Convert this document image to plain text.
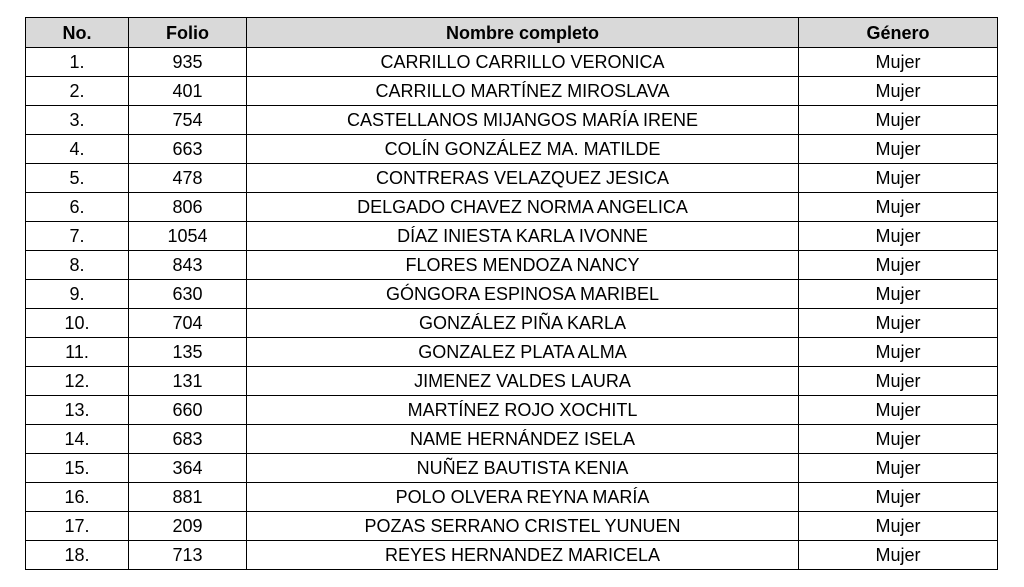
No.	Folio	Nombre completo	Género
1.	935	CARRILLO CARRILLO VERONICA	Mujer
2.	401	CARRILLO MARTÍNEZ MIROSLAVA	Mujer
3.	754	CASTELLANOS MIJANGOS MARÍA IRENE	Mujer
4.	663	COLÍN GONZÁLEZ MA. MATILDE	Mujer
5.	478	CONTRERAS VELAZQUEZ JESICA	Mujer
6.	806	DELGADO CHAVEZ NORMA ANGELICA	Mujer
7.	1054	DÍAZ INIESTA KARLA IVONNE	Mujer
8.	843	FLORES MENDOZA NANCY	Mujer
9.	630	GÓNGORA ESPINOSA MARIBEL	Mujer
10.	704	GONZÁLEZ PIÑA KARLA	Mujer
11.	135	GONZALEZ PLATA ALMA	Mujer
12.	131	JIMENEZ VALDES LAURA	Mujer
13.	660	MARTÍNEZ ROJO XOCHITL	Mujer
14.	683	NAME HERNÁNDEZ ISELA	Mujer
15.	364	NUÑEZ BAUTISTA KENIA	Mujer
16.	881	POLO OLVERA REYNA MARÍA	Mujer
17.	209	POZAS SERRANO CRISTEL YUNUEN	Mujer
18.	713	REYES HERNANDEZ MARICELA	Mujer
